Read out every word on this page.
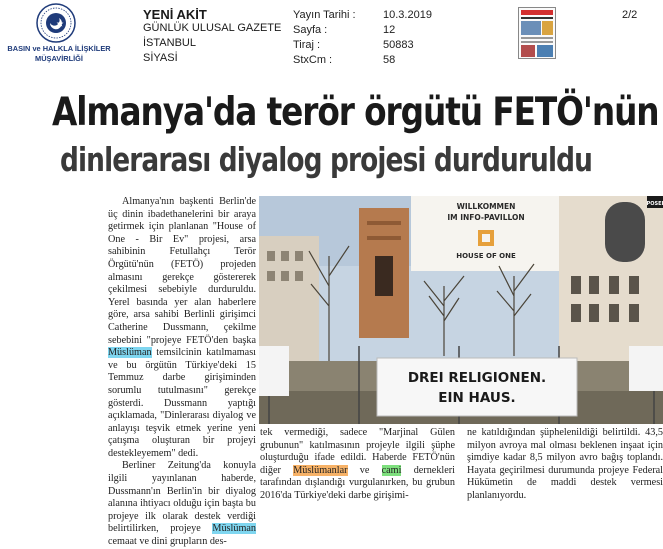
BASIN ve HALKLA İLİŞKİLER
MÜŞAVİRLİĞİ
YENİ AKİT
GÜNLÜK ULUSAL GAZETE
İSTANBUL
SİYASİ
Yayın Tarihi : 10.3.2019
Sayfa :	12
Tiraj :	50883
StxCm :	58
2/2
Almanya'da terör örgütü FETÖ'nün
dinlerarası diyalog projesi durduruldu

Almanya'nın başkenti Berlin'de üç dinin ibadethanelerini bir araya getirmek için planlanan "House of One - Bir Ev" projesi, arsa sahibinin Fetullahçı Terör Örgütü'nün (FETÖ) projeden almasını gerekçe göstererek çekilmesi sebebiyle durduruldu. Yerel basında yer alan haberlere göre, arsa sahibi Berlinli girişimci Catherine Dussmann, çekilme sebebini "projeye FETÖ'den başka Müslüman temsilcinin katılmaması ve bu örgütün Türkiye'deki 15 Temmuz darbe girişiminden sorumlu tutulmasını" gerekçe gösterdi. Dussmann yaptığı açıklamada, "Dinlerarası diyalog ve anlayışı teşvik etmek yerine yeni çatışma oluşturan bir projeyi destekleyemem" dedi.

Berliner Zeitung'da konuyla ilgili yayınlanan haberde, Dussmann'ın Berlin'in bir diyalog alanına ihtiyacı olduğu için başta bu projeye ilk olarak destek verdiği belirtilirken, projeye Müslüman cemaat ve dini grupların des-

WILLKOMMEN
IM INFO-PAVILLON
HOUSE OF ONE
POSEI
DREI RELIGIONEN.
EIN HAUS.

tek vermediği, sadece "Marjinal Gülen grubunun" katılmasının projeyle ilgili şüphe oluşturduğu ifade edildi. Haberde FETÖ'nün diğer Müslümanlar ve cami dernekleri tarafından dışlandığı vurgulanırken, bu grubun 2016'da Türkiye'deki darbe girişimi-

ne katıldığından şüphelenildiği belirtildi. 43,5 milyon avroya mal olması beklenen inşaat için şimdiye kadar 8,5 milyon avro bağış toplandı. Hayata geçirilmesi durumunda projeye Federal Hükümetin de maddi destek vermesi planlanıyordu.
